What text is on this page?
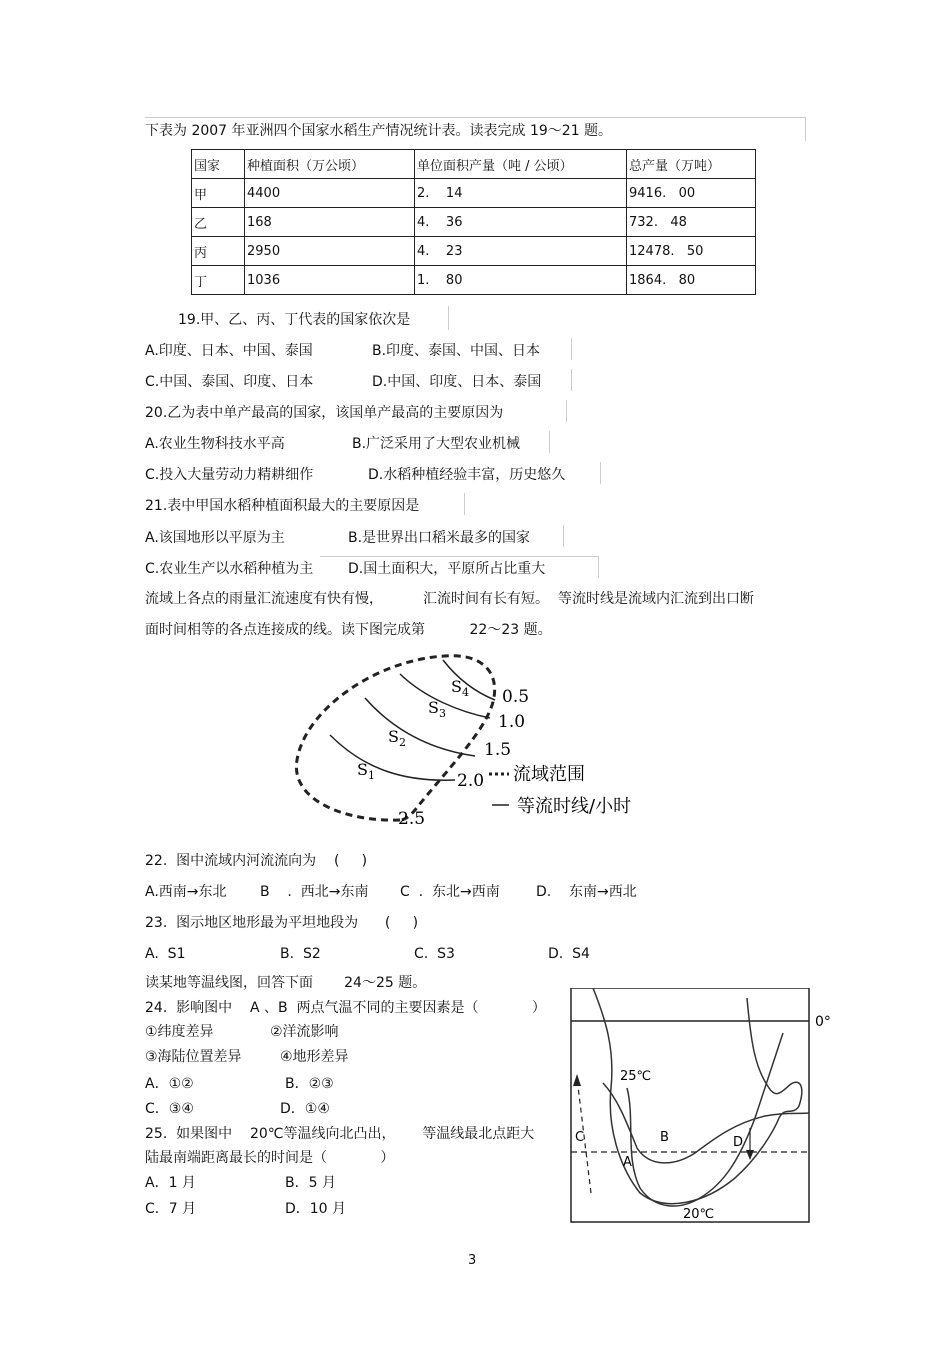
下表为 2007 年亚洲四个国家水稻生产情况统计表。读表完成 19～21 题。
国家	种植面积（万公顷）	单位面积产量（吨 / 公顷）	总产量（万吨）
甲	4400	2.    14	9416.   00
乙	168	4.    36	732.   48
丙	2950	4.    23	12478.   50
丁	1036	1.    80	1864.   80
19.甲、乙、丙、丁代表的国家依次是
A.印度、日本、中国、泰国	B.印度、泰国、中国、日本
C.中国、泰国、印度、日本	D.中国、印度、日本、泰国
20.乙为表中单产最高的国家，该国单产最高的主要原因为
A.农业生物科技水平高	B.广泛采用了大型农业机械
C.投入大量劳动力精耕细作	D.水稻种植经验丰富，历史悠久
21.表中甲国水稻种植面积最大的主要原因是
A.该国地形以平原为主	B.是世界出口稻米最多的国家
C.农业生产以水稻种植为主 D.国土面积大，平原所占比重大
流域上各点的雨量汇流速度有快有慢，         汇流时间有长有短。  等流时线是流域内汇流到出口断
面时间相等的各点连接成的线。读下图完成第          22～23 题。
$S_1$
$S_2$
$S_3$
$S_4$ 0.5
1.0
1.5
2.0
2.5
流域范围
等流时线/小时
22.  图中流域内河流流向为    (     )
A.西南→东北 B    .  西北→东南 C  .  东北→西南	D.    东南→西北
23.  图示地区地形最为平坦地段为      (     )
A.  S1	B.  S2	C.  S3	D.  S4
读某地等温线图，回答下面       24～25 题。
24.  影响图中    A 、B  两点气温不同的主要因素是（            ）
①纬度差异	②洋流影响
③海陆位置差异	④地形差异
A．①②	B．②③
C．③④	D．①④
25.  如果图中    20℃等温线向北凸出，      等温线最北点距大
陆最南端距离最长的时间是（            ）
A．1 月	B．5 月
C．7 月	D．10 月
0°
25℃
20℃
A
B
C	D
3
